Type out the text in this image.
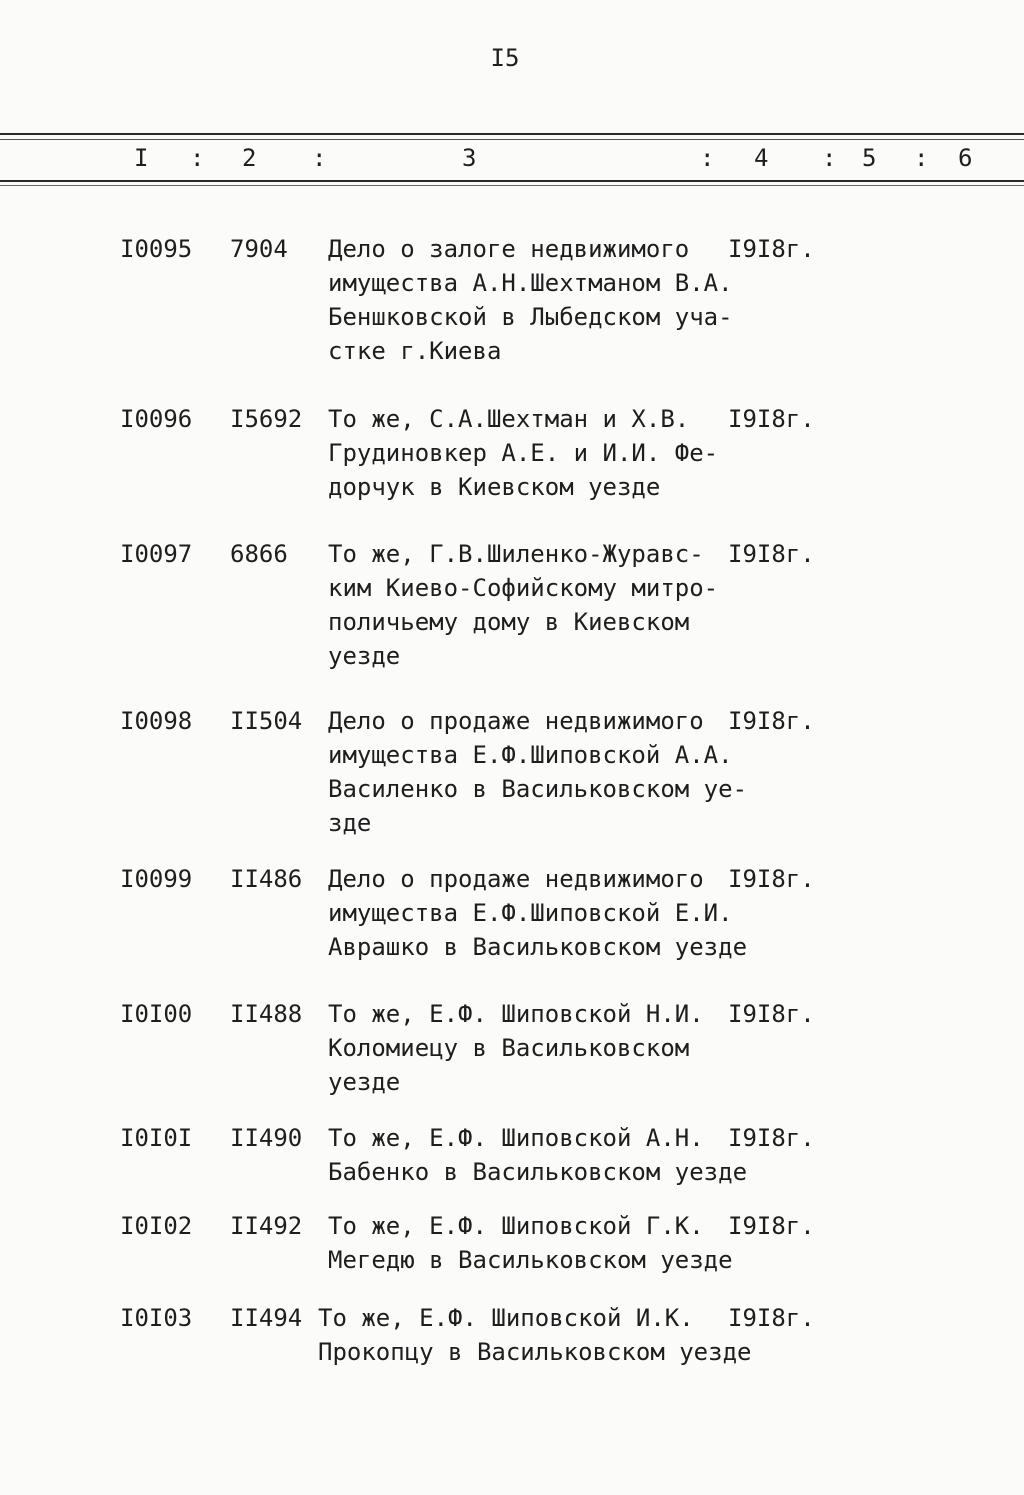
I5
I : 2 :	3	: 4 : 5 : 6
I0095 7904 Дело о залоге недвижимого
имущества А.Н.Шехтманом В.А.
Беншковской в Лыбедском уча-
стке г.Киева
I9I8г.
I0096 I5692 То же, С.А.Шехтман и Х.В.
Грудиновкер А.Е. и И.И. Фе-
дорчук в Киевском уезде
I9I8г.
I0097 6866 То же, Г.В.Шиленко-Журавс-
ким Киево-Софийскому митро-
поличьему дому в Киевском
уезде
I9I8г.
I0098 II504 Дело о продаже недвижимого
имущества Е.Ф.Шиповской А.А.
Василенко в Васильковском уе-
зде
I9I8г.
I0099 II486 Дело о продаже недвижимого
имущества Е.Ф.Шиповской Е.И.
Аврашко в Васильковском уезде
I9I8г.
I0I00 II488 То же, Е.Ф. Шиповской Н.И.
Коломиецу в Васильковском
уезде
I9I8г.
I0I0I II490 То же, Е.Ф. Шиповской А.Н.
Бабенко в Васильковском уезде
I9I8г.
I0I02 II492 То же, Е.Ф. Шиповской Г.К.
Мегедю в Васильковском уезде
I9I8г.
I0I03 II494 То же, Е.Ф. Шиповской И.К.
Прокопцу в Васильковском уезде
I9I8г.
